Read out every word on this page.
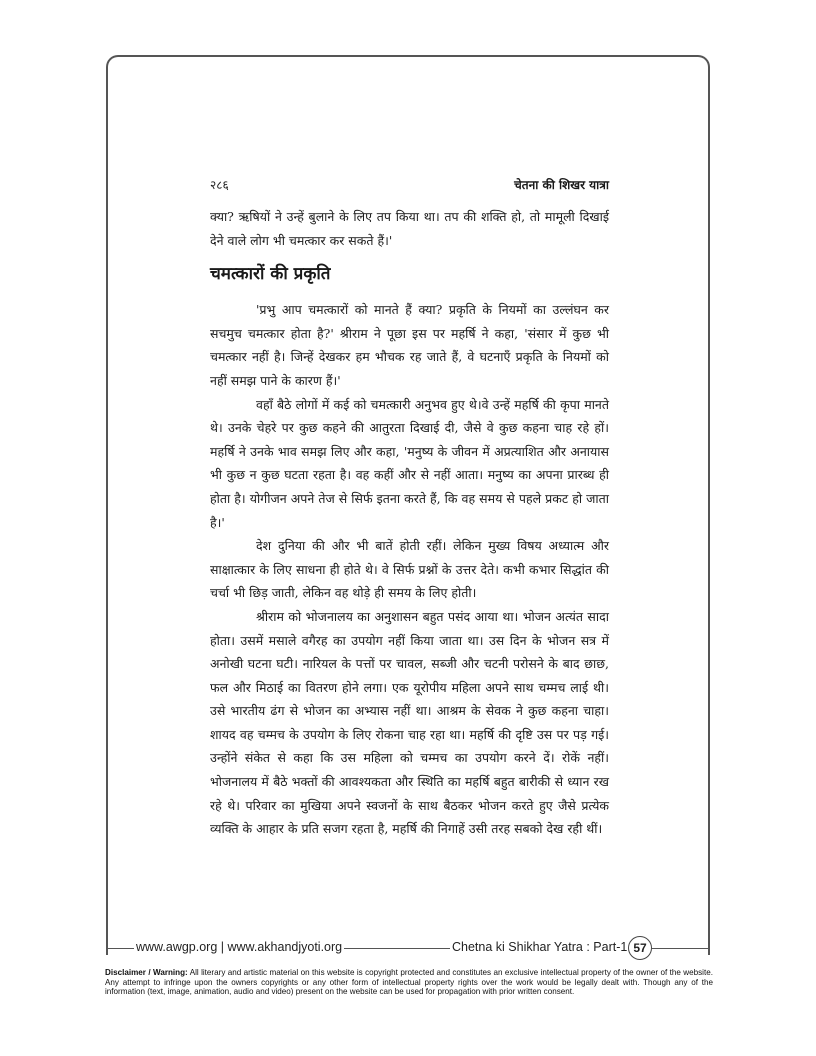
२८६	चेतना की शिखर यात्रा

क्या? ऋषियों ने उन्हें बुलाने के लिए तप किया था। तप की शक्ति हो, तो मामूली दिखाई देने वाले लोग भी चमत्कार कर सकते हैं।'

चमत्कारों की प्रकृति

'प्रभु आप चमत्कारों को मानते हैं क्या? प्रकृति के नियमों का उल्लंघन कर सचमुच चमत्कार होता है?' श्रीराम ने पूछा इस पर महर्षि ने कहा, 'संसार में कुछ भी चमत्कार नहीं है। जिन्हें देखकर हम भौचक रह जाते हैं, वे घटनाएँ प्रकृति के नियमों को नहीं समझ पाने के कारण हैं।'

वहाँ बैठे लोगों में कई को चमत्कारी अनुभव हुए थे।वे उन्हें महर्षि की कृपा मानते थे। उनके चेहरे पर कुछ कहने की आतुरता दिखाई दी, जैसे वे कुछ कहना चाह रहे हों। महर्षि ने उनके भाव समझ लिए और कहा, 'मनुष्य के जीवन में अप्रत्याशित और अनायास भी कुछ न कुछ घटता रहता है। वह कहीं और से नहीं आता। मनुष्य का अपना प्रारब्ध ही होता है। योगीजन अपने तेज से सिर्फ इतना करते हैं, कि वह समय से पहले प्रकट हो जाता है।'

देश दुनिया की और भी बातें होती रहीं। लेकिन मुख्य विषय अध्यात्म और साक्षात्कार के लिए साधना ही होते थे। वे सिर्फ प्रश्नों के उत्तर देते। कभी कभार सिद्धांत की चर्चा भी छिड़ जाती, लेकिन वह थोड़े ही समय के लिए होती।

श्रीराम को भोजनालय का अनुशासन बहुत पसंद आया था। भोजन अत्यंत सादा होता। उसमें मसाले वगैरह का उपयोग नहीं किया जाता था। उस दिन के भोजन सत्र में अनोखी घटना घटी। नारियल के पत्तों पर चावल, सब्जी और चटनी परोसने के बाद छाछ, फल और मिठाई का वितरण होने लगा। एक यूरोपीय महिला अपने साथ चम्मच लाई थी। उसे भारतीय ढंग से भोजन का अभ्यास नहीं था। आश्रम के सेवक ने कुछ कहना चाहा। शायद वह चम्मच के उपयोग के लिए रोकना चाह रहा था। महर्षि की दृष्टि उस पर पड़ गई। उन्होंने संकेत से कहा कि उस महिला को चम्मच का उपयोग करने दें। रोकें नहीं। भोजनालय में बैठे भक्तों की आवश्यकता और स्थिति का महर्षि बहुत बारीकी से ध्यान रख रहे थे। परिवार का मुखिया अपने स्वजनों के साथ बैठकर भोजन करते हुए जैसे प्रत्येक व्यक्ति के आहार के प्रति सजग रहता है, महर्षि की निगाहें उसी तरह सबको देख रही थीं।

www.awgp.org | www.akhandjyoti.org	Chetna ki Shikhar Yatra : Part-1 57
Disclaimer / Warning: All literary and artistic material on this website is copyright protected and constitutes an exclusive intellectual property of the owner of the website. Any attempt to infringe upon the owners copyrights or any other form of intellectual property rights over the work would be legally dealt with. Though any of the information (text, image, animation, audio and video) present on the website can be used for propagation with prior written consent.
